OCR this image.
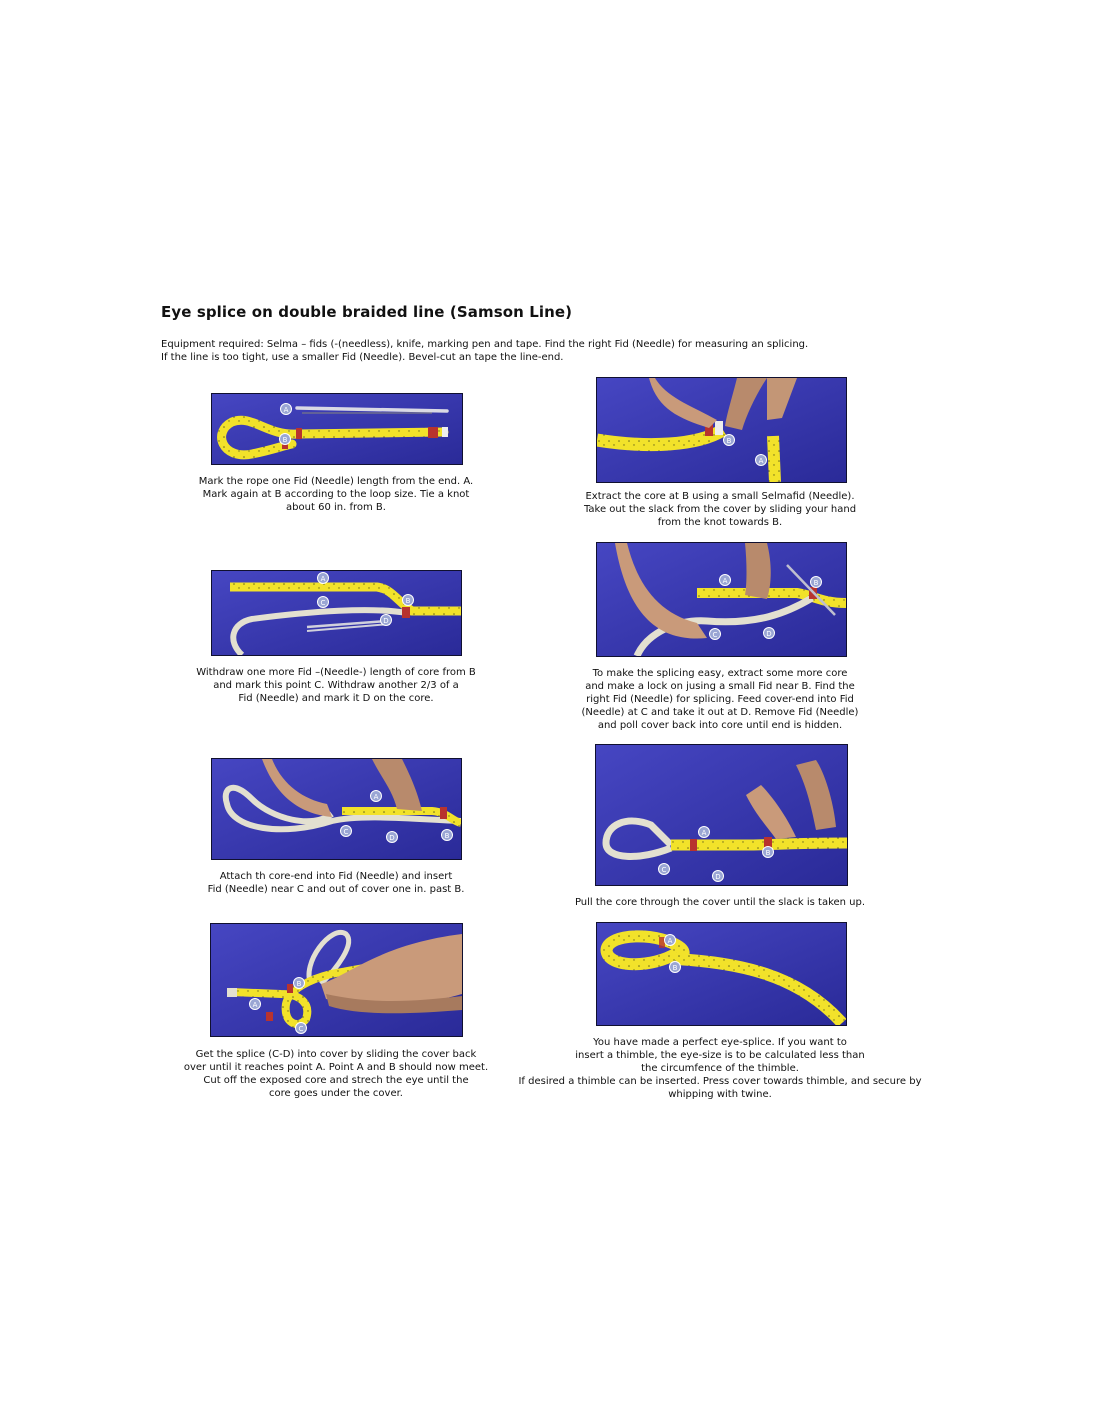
Eye splice on double braided line (Samson Line)

Equipment required: Selma – fids (-(needless), knife, marking pen and tape. Find the right Fid (Needle) for measuring an splicing.

If the line is too tight, use a smaller Fid (Needle). Bevel-cut an tape the line-end.

A
B

Mark the rope one Fid (Needle) length from the end. A.

Mark again at B according to the loop size. Tie a knot

about 60 in. from B.

B
A

Extract the core at B using a small Selmafid (Needle).

Take out the slack from the cover by sliding your hand

from the knot towards B.

A
C	B
D

Withdraw one more Fid –(Needle-) length of core from B

and mark this point C. Withdraw another 2/3 of a

Fid (Needle) and mark it D on the core.

A	B
C	D

To make the splicing easy, extract some more core

and make a lock on jusing a small Fid near B. Find the

right Fid (Needle) for splicing. Feed cover-end into Fid

(Needle) at C and take it out at D. Remove Fid (Needle)

and poll cover back into core until end is hidden.

A
C
D	B

Attach th core-end into Fid (Needle) and insert

Fid (Needle) near C and out of cover one in. past B.

A
B
C
D

Pull the core through the cover until the slack is taken up.

B
A
C

Get the splice (C-D) into cover by sliding the cover back

over until it reaches point A. Point A and B should now meet.

Cut off the exposed core and strech the eye until the

core goes under the cover.

A
B

You have made a perfect eye-splice. If you want to

insert a thimble, the eye-size is to be calculated less than

the circumfence of the thimble.

If desired a thimble can be inserted. Press cover towards thimble, and secure by

whipping with twine.
